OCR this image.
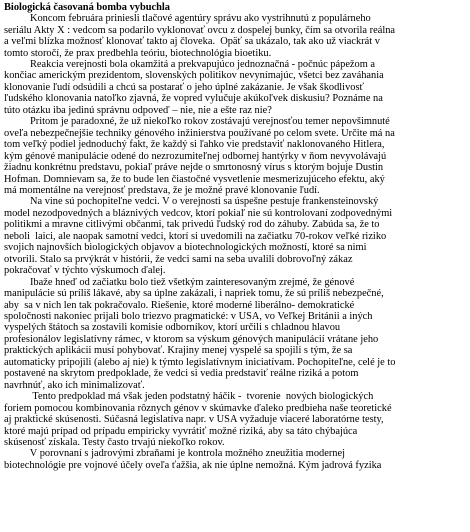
Biologická časovaná bomba vybuchla
Koncom februára priniesli tlačové agentúry správu ako vystrihnutú z populárneho
seriálu Akty X : vedcom sa podarilo vyklonovať ovcu z dospelej bunky, čím sa otvorila reálna
a veľmi blízka možnosť klonovať takto aj človeka.  Opäť sa ukázalo, tak ako už viackrát v
tomto storočí, že prax predbehla teóriu, biotechnológia bioetiku.
Reakcia verejnosti bola okamžitá a prekvapujúco jednoznačná - počnúc pápežom a
končiac americkým prezidentom, slovenských politikov nevynímajúc, všetci bez zaváhania
klonovanie ľudí odsúdili a chcú sa postarať o jeho úplné zakázanie. Je však škodlivosť
ľudského klonovania natoľko zjavná, že vopred vylučuje akúkoľvek diskusiu? Poznáme na
túto otázku iba jedinú správnu odpoveď – nie, nie a ešte raz nie?
Pritom je paradoxné, že už niekoľko rokov zostávajú verejnosťou temer nepovšimnuté
oveľa nebezpečnejšie techniky génového inžinierstva používané po celom svete. Určite má na
tom veľký podiel jednoduchý fakt, že každý si ľahko vie predstaviť naklonovaného Hitlera,
kým génové manipulácie odené do nezrozumiteľnej odbornej hantýrky v ňom nevyvolávajú
žiadnu konkrétnu predstavu, pokiaľ práve nejde o smrtonosný vírus s ktorým bojuje Dustin
Hofman. Domnievam sa, že to bude len čiastočné vysvetlenie mesmerizujúceho efektu, aký
má momentálne na verejnosť predstava, že je možné pravé klonovanie ľudí.
Na vine sú pochopiteľne vedci. V o verejnosti sa úspešne pestuje frankensteinovský
model nezodpovedných a bláznivých vedcov, ktorí pokiaľ nie sú kontrolovaní zodpovednými
politikmi a mravne citlivými občanmi, tak privedú ľudský rod do záhuby. Zabúda sa, že to
neboli  laici, ale naopak samotní vedci, ktorí si uvedomili na začiatku 70-rokov veľké riziko
svojich najnovších biologických objavov a biotechnologických možností, ktoré sa nimi
otvorili. Stalo sa prvýkrát v histórii, že vedci sami na seba uvalili dobrovoľný zákaz
pokračovať v týchto výskumoch ďalej.
Ibaže hneď od začiatku bolo tiež všetkým zainteresovaným zrejmé, že génové
manipulácie sú príliš lákavé, aby sa úplne zakázali, i napriek tomu, že sú príliš nebezpečné,
aby  sa v nich len tak pokračovalo. Riešenie, ktoré moderné liberálno- demokratické
spoločnosti nakoniec prijali bolo triezvo pragmatické: v USA, vo Veľkej Británii a iných
vyspelých štátoch sa zostavili komisie odborníkov, ktorí určili s chladnou hlavou
profesionálov legislatívny rámec, v ktorom sa výskum génových manipulácií vrátane jeho
praktických aplikácii musí pohybovať. Krajiny menej vyspelé sa spojili s tým, že sa
automaticky pripojili (alebo aj nie) k týmto legislatívnym iniciatívam. Pochopiteľne, celé je to
postavené na skrytom predpoklade, že vedci si vedia predstaviť reálne riziká a potom
navrhnúť, ako ich minimalizovať.
Tento predpoklad má však jeden podstatný háčik -  tvorenie  nových biologických
foriem pomocou kombinovania rôznych génov v skúmavke ďaleko predbieha naše teoretické
aj praktické skúsenosti. Súčasná legislatíva napr. v USA vyžaduje viaceré laboratórne testy,
ktoré majú prípad od prípadu empiricky vyvrátiť možné riziká, aby sa táto chýbajúca
skúsenosť získala. Testy často trvajú niekoľko rokov.
V porovnaní s jadrovými zbraňami je kontrola možného zneužitia modernej
biotechnológie pre vojnové účely oveľa ťažšia, ak nie úplne nemožná. Kým jadrová fyzika
